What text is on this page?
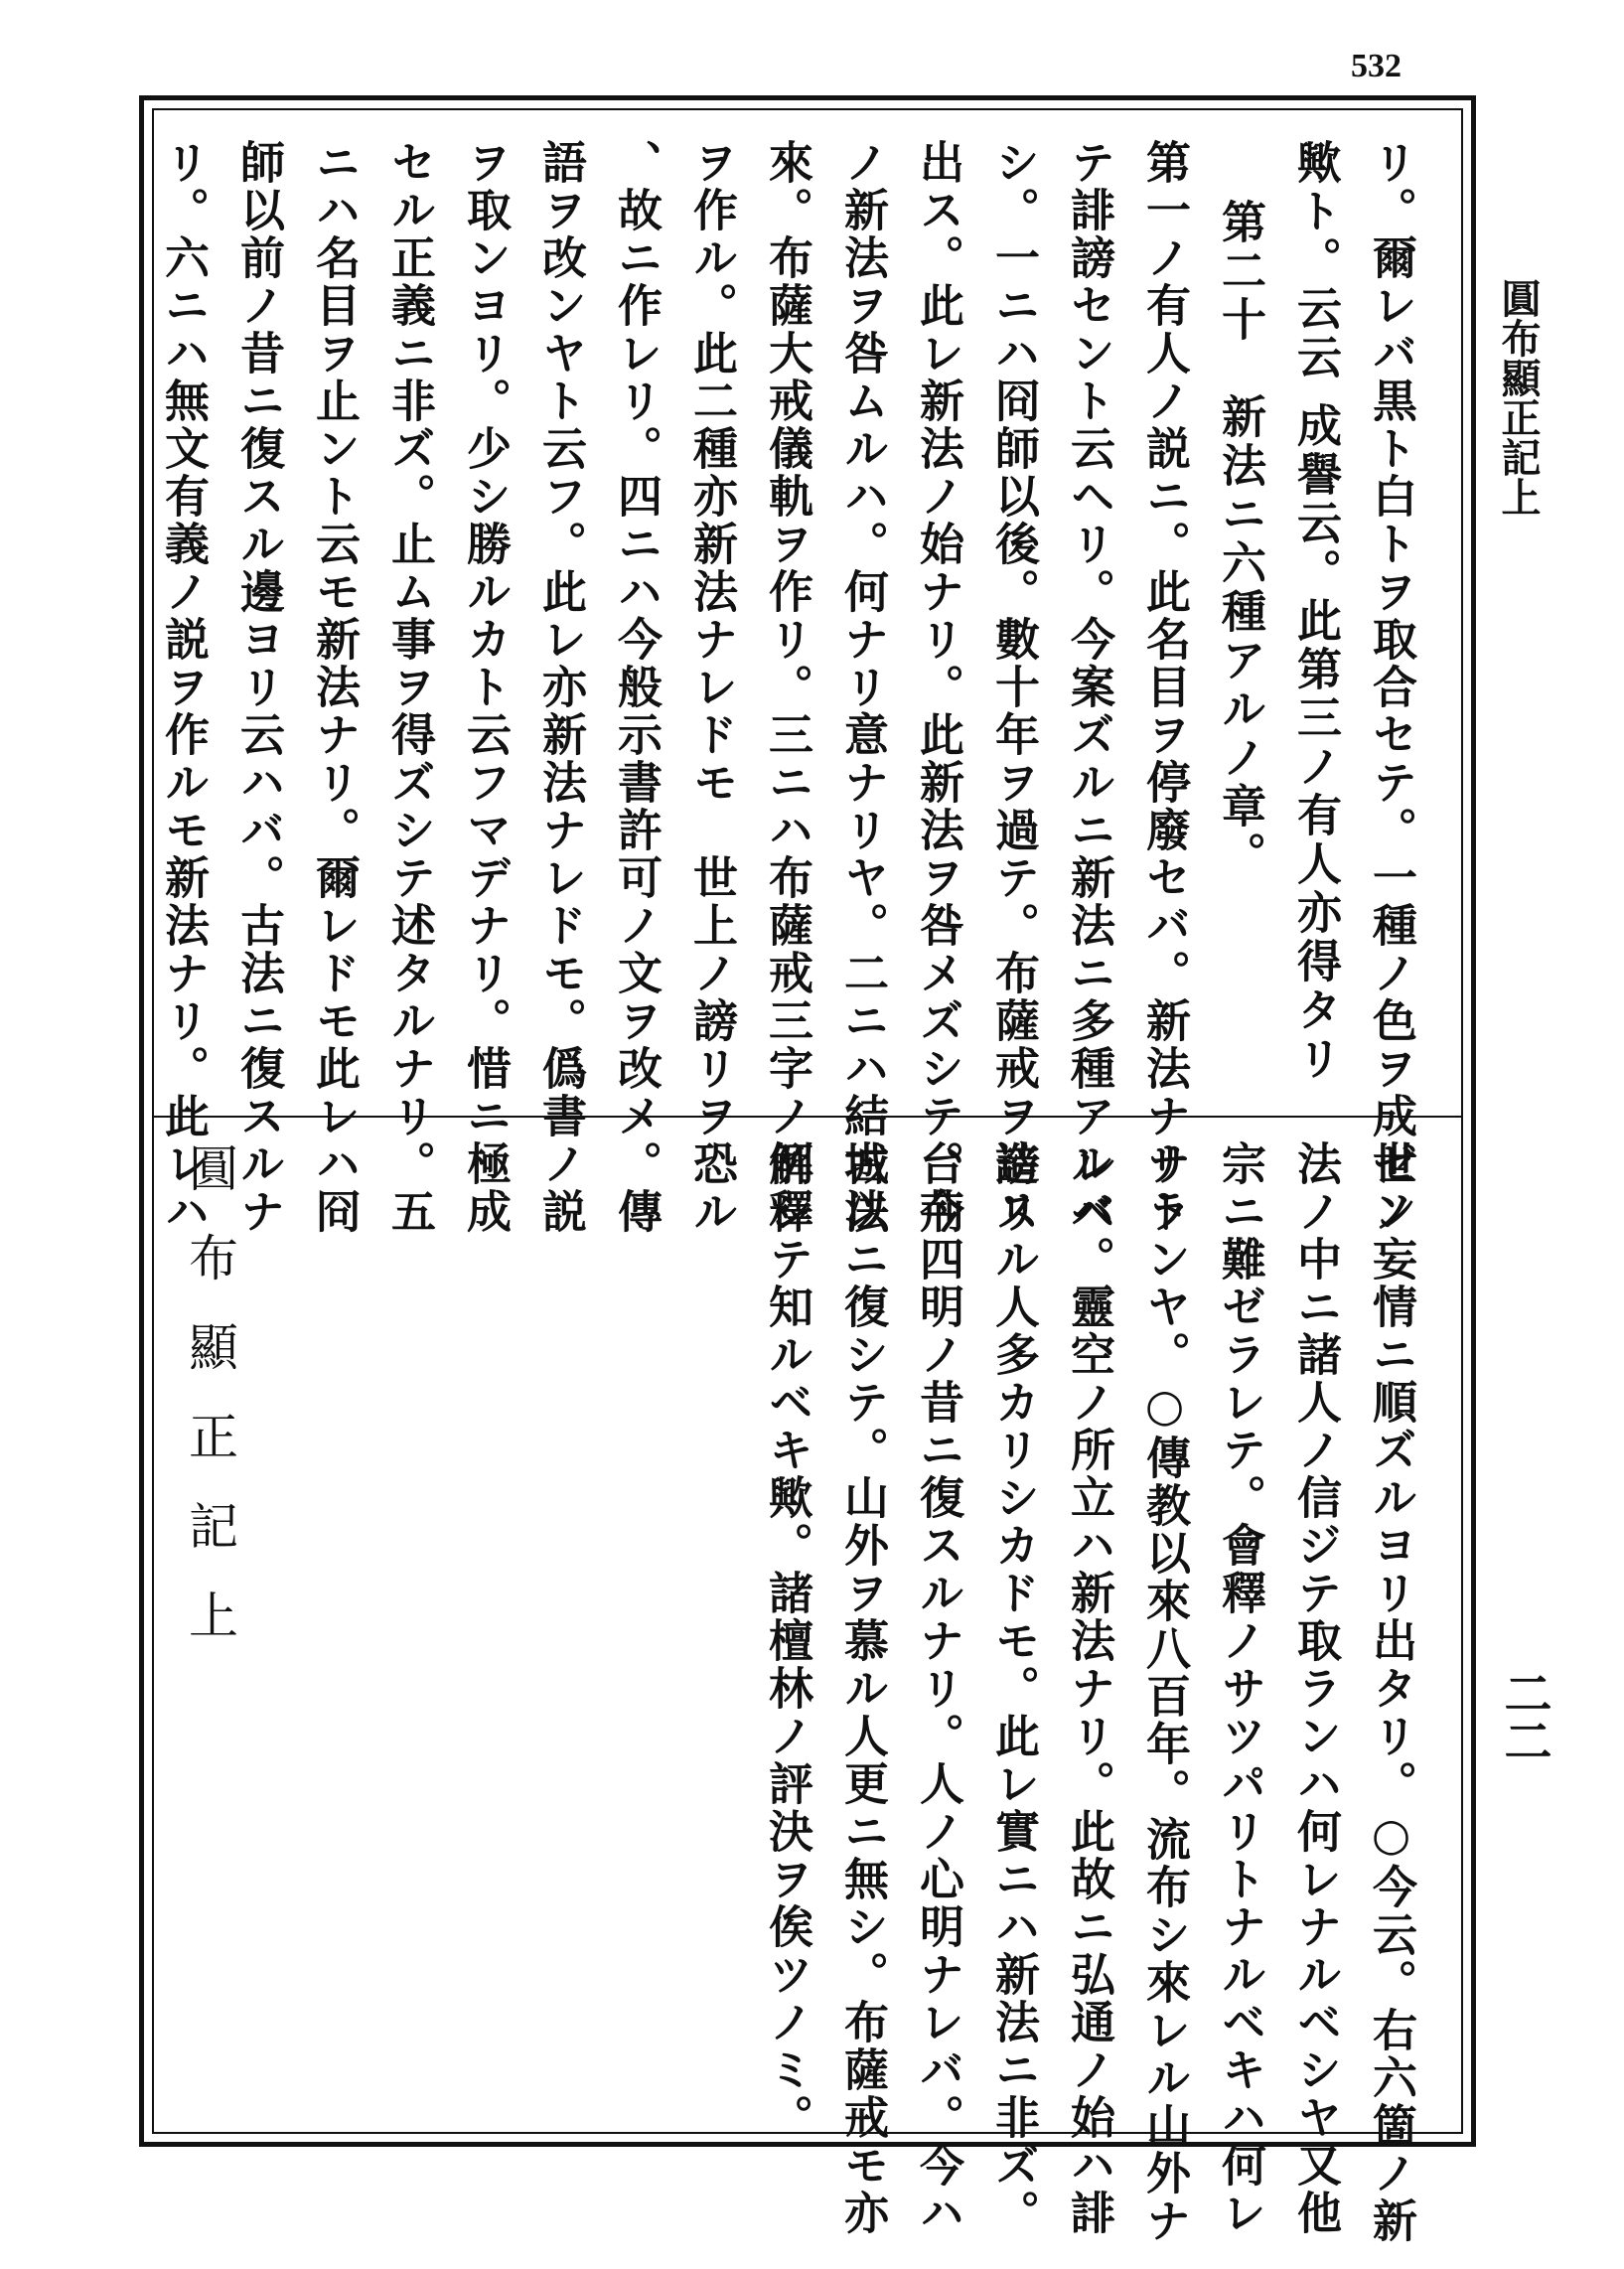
532
圓布顯正記上
二二
リ。爾レバ黒ト白トヲ取合セテ。一種ノ色ヲ成ゼン
歟ト。云云 成譽云。此第三ノ有人亦得タリ
第二十　新法ニ六種アルノ章。
第一ノ有人ノ説ニ。此名目ヲ停廢セバ。新法ナリト
テ誹謗セント云ヘリ。今案ズルニ新法ニ多種アルベ
シ。一ニハ冏師以後。數十年ヲ過テ。布薩戒ヲ造リ
出ス。此レ新法ノ始ナリ。此新法ヲ咎メズシテ。今
ノ新法ヲ咎ムルハ。何ナリ意ナリヤ。二ニハ結城以
來。布薩大戒儀軌ヲ作リ。三ニハ布薩戒三字ノ解釋
ヲ作ル。此二種亦新法ナレドモ　世上ノ謗リヲ恐ル
、故ニ作レリ。四ニハ今般示書許可ノ文ヲ改メ。傳
語ヲ改ンヤト云フ。此レ亦新法ナレドモ。僞書ノ説
ヲ取ンヨリ。少シ勝ルカト云フマデナリ。惜ニ極成
セル正義ニ非ズ。止ム事ヲ得ズシテ述タルナリ。五
ニハ名目ヲ止ント云モ新法ナリ。爾レドモ此レハ冏
師以前ノ昔ニ復スル邊ヨリ云ハバ。古法ニ復スルナ
リ。六ニハ無文有義ノ説ヲ作ルモ新法ナリ。此レハ
世ノ妄情ニ順ズルヨリ出タリ。○今云。右六箇ノ新
法ノ中ニ諸人ノ信ジテ取ランハ何レナルベシヤ又他
宗ニ難ゼラレテ。會釋ノサツパリトナルベキハ何レ
ナランヤ。○傳教以來八百年。流布シ來レル山外ナ
レバ。靈空ノ所立ハ新法ナリ。此故ニ弘通ノ始ハ誹
謗スル人多カリシカドモ。此レ實ニハ新法ニ非ズ。
台荊四明ノ昔ニ復スルナリ。人ノ心明ナレバ。今ハ
古法ニ復シテ。山外ヲ慕ル人更ニ無シ。布薩戒モ亦
例シテ知ルベキ歟。諸檀林ノ評決ヲ俟ツノミ。
圓布顯正記上
